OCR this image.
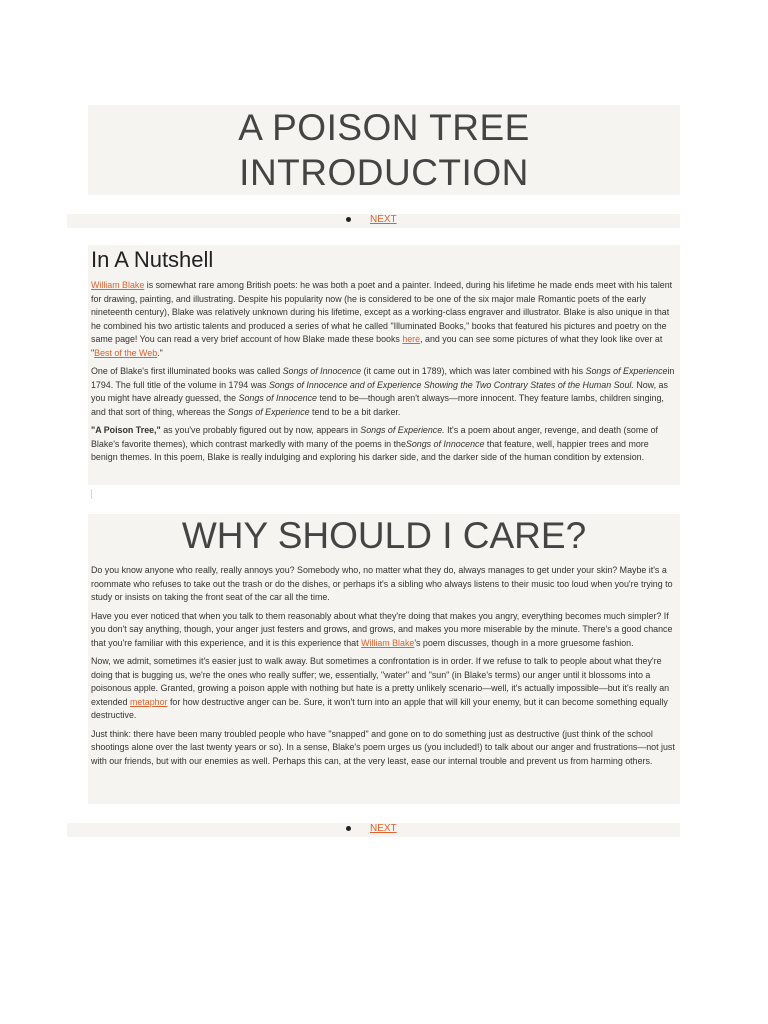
A POISON TREE
INTRODUCTION
NEXT
In A Nutshell

William Blake is somewhat rare among British poets: he was both a poet and a painter. Indeed, during his lifetime he made ends meet with his talent for drawing, painting, and illustrating. Despite his popularity now (he is considered to be one of the six major male Romantic poets of the early nineteenth century), Blake was relatively unknown during his lifetime, except as a working-class engraver and illustrator. Blake is also unique in that he combined his two artistic talents and produced a series of what he called "Illuminated Books," books that featured his pictures and poetry on the same page! You can read a very brief account of how Blake made these books here, and you can see some pictures of what they look like over at "Best of the Web."

One of Blake's first illuminated books was called Songs of Innocence (it came out in 1789), which was later combined with his Songs of Experiencein 1794. The full title of the volume in 1794 was Songs of Innocence and of Experience Showing the Two Contrary States of the Human Soul. Now, as you might have already guessed, the Songs of Innocence tend to be—though aren't always—more innocent. They feature lambs, children singing, and that sort of thing, whereas the Songs of Experience tend to be a bit darker.

"A Poison Tree," as you've probably figured out by now, appears in Songs of Experience. It's a poem about anger, revenge, and death (some of Blake's favorite themes), which contrast markedly with many of the poems in theSongs of Innocence that feature, well, happier trees and more benign themes. In this poem, Blake is really indulging and exploring his darker side, and the darker side of the human condition by extension.

WHY SHOULD I CARE?

Do you know anyone who really, really annoys you? Somebody who, no matter what they do, always manages to get under your skin? Maybe it's a roommate who refuses to take out the trash or do the dishes, or perhaps it's a sibling who always listens to their music too loud when you're trying to study or insists on taking the front seat of the car all the time.

Have you ever noticed that when you talk to them reasonably about what they're doing that makes you angry, everything becomes much simpler? If you don't say anything, though, your anger just festers and grows, and grows, and makes you more miserable by the minute. There's a good chance that you're familiar with this experience, and it is this experience that William Blake's poem discusses, though in a more gruesome fashion.

Now, we admit, sometimes it's easier just to walk away. But sometimes a confrontation is in order. If we refuse to talk to people about what they're doing that is bugging us, we're the ones who really suffer; we, essentially, "water" and "sun" (in Blake's terms) our anger until it blossoms into a poisonous apple. Granted, growing a poison apple with nothing but hate is a pretty unlikely scenario—well, it's actually impossible—but it's really an extended metaphor for how destructive anger can be. Sure, it won't turn into an apple that will kill your enemy, but it can become something equally destructive.

Just think: there have been many troubled people who have "snapped" and gone on to do something just as destructive (just think of the school shootings alone over the last twenty years or so). In a sense, Blake's poem urges us (you included!) to talk about our anger and frustrations—not just with our friends, but with our enemies as well. Perhaps this can, at the very least, ease our internal trouble and prevent us from harming others.

NEXT
